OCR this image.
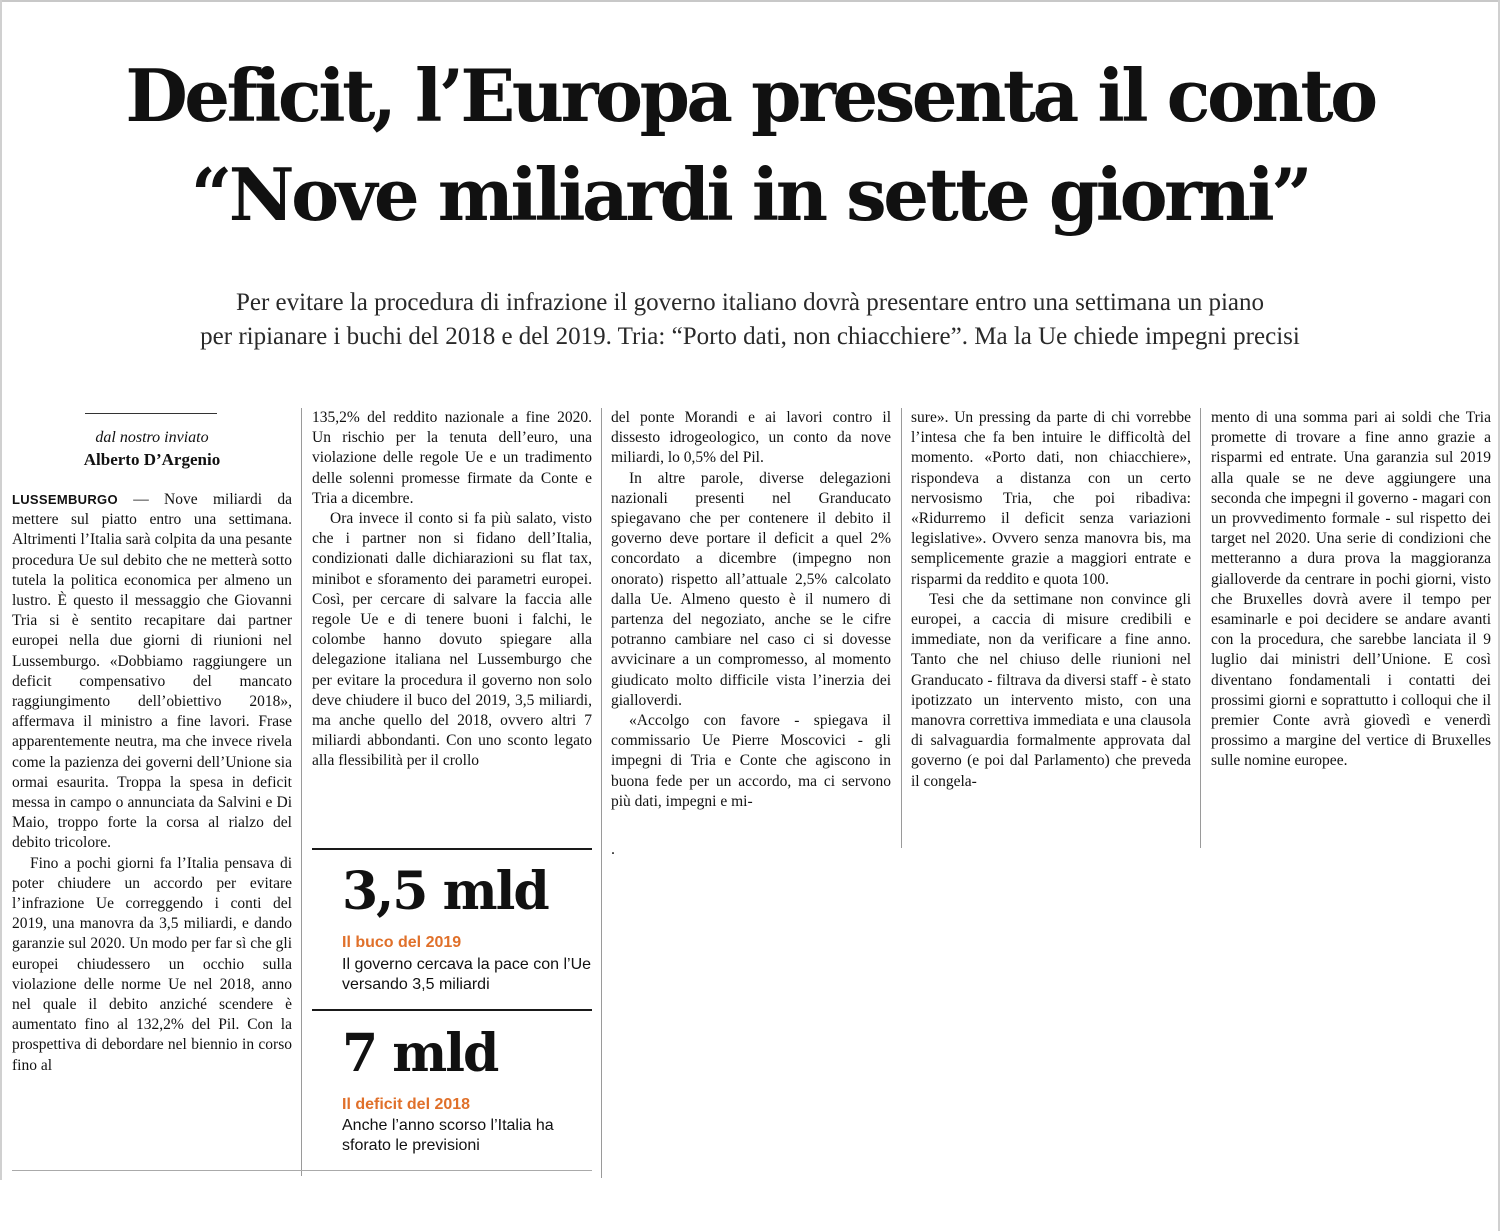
Deficit, l’Europa presenta il conto
“Nove miliardi in sette giorni”
Per evitare la procedura di infrazione il governo italiano dovrà presentare entro una settimana un piano
per ripianare i buchi del 2018 e del 2019. Tria: “Porto dati, non chiacchiere”. Ma la Ue chiede impegni precisi
dal nostro inviato
Alberto D’Argenio

LUSSEMBURGO — Nove miliardi da mettere sul piatto entro una settimana. Altrimenti l’Italia sarà colpita da una pesante procedura Ue sul debito che ne metterà sotto tutela la politica economica per almeno un lustro. È questo il messaggio che Giovanni Tria si è sentito recapitare dai partner europei nella due giorni di riunioni nel Lussemburgo. «Dobbiamo raggiungere un deficit compensativo del mancato raggiungimento dell’obiettivo 2018», affermava il ministro a fine lavori. Frase apparentemente neutra, ma che invece rivela come la pazienza dei governi dell’Unione sia ormai esaurita. Troppa la spesa in deficit messa in campo o annunciata da Salvini e Di Maio, troppo forte la corsa al rialzo del debito tricolore.

Fino a pochi giorni fa l’Italia pensava di poter chiudere un accordo per evitare l’infrazione Ue correggendo i conti del 2019, una manovra da 3,5 miliardi, e dando garanzie sul 2020. Un modo per far sì che gli europei chiudessero un occhio sulla violazione delle norme Ue nel 2018, anno nel quale il debito anziché scendere è aumentato fino al 132,2% del Pil. Con la prospettiva di debordare nel biennio in corso fino al

135,2% del reddito nazionale a fine 2020. Un rischio per la tenuta dell’euro, una violazione delle regole Ue e un tradimento delle solenni promesse firmate da Conte e Tria a dicembre.

Ora invece il conto si fa più salato, visto che i partner non si fidano dell’Italia, condizionati dalle dichiarazioni su flat tax, minibot e sforamento dei parametri europei. Così, per cercare di salvare la faccia alle regole Ue e di tenere buoni i falchi, le colombe hanno dovuto spiegare alla delegazione italiana nel Lussemburgo che per evitare la procedura il governo non solo deve chiudere il buco del 2019, 3,5 miliardi, ma anche quello del 2018, ovvero altri 7 miliardi abbondanti. Con uno sconto legato alla flessibilità per il crollo

del ponte Morandi e ai lavori contro il dissesto idrogeologico, un conto da nove miliardi, lo 0,5% del Pil.

In altre parole, diverse delegazioni nazionali presenti nel Granducato spiegavano che per contenere il debito il governo deve portare il deficit a quel 2% concordato a dicembre (impegno non onorato) rispetto all’attuale 2,5% calcolato dalla Ue. Almeno questo è il numero di partenza del negoziato, anche se le cifre potranno cambiare nel caso ci si dovesse avvicinare a un compromesso, al momento giudicato molto difficile vista l’inerzia dei gialloverdi.

«Accolgo con favore - spiegava il commissario Ue Pierre Moscovici - gli impegni di Tria e Conte che agiscono in buona fede per un accordo, ma ci servono più dati, impegni e mi-

.

sure». Un pressing da parte di chi vorrebbe l’intesa che fa ben intuire le difficoltà del momento. «Porto dati, non chiacchiere», rispondeva a distanza con un certo nervosismo Tria, che poi ribadiva: «Ridurremo il deficit senza variazioni legislative». Ovvero senza manovra bis, ma semplicemente grazie a maggiori entrate e risparmi da reddito e quota 100.

Tesi che da settimane non convince gli europei, a caccia di misure credibili e immediate, non da verificare a fine anno. Tanto che nel chiuso delle riunioni nel Granducato - filtrava da diversi staff - è stato ipotizzato un intervento misto, con una manovra correttiva immediata e una clausola di salvaguardia formalmente approvata dal governo (e poi dal Parlamento) che preveda il congela-

mento di una somma pari ai soldi che Tria promette di trovare a fine anno grazie a risparmi ed entrate. Una garanzia sul 2019 alla quale se ne deve aggiungere una seconda che impegni il governo - magari con un provvedimento formale - sul rispetto dei target nel 2020. Una serie di condizioni che metteranno a dura prova la maggioranza gialloverde da centrare in pochi giorni, visto che Bruxelles dovrà avere il tempo per esaminarle e poi decidere se andare avanti con la procedura, che sarebbe lanciata il 9 luglio dai ministri dell’Unione. E così diventano fondamentali i contatti dei prossimi giorni e soprattutto i colloqui che il premier Conte avrà giovedì e venerdì prossimo a margine del vertice di Bruxelles sulle nomine europee.

3,5 mld
Il buco del 2019
Il governo cercava la pace con l’Ue versando 3,5 miliardi
7 mld
Il deficit del 2018
Anche l’anno scorso l’Italia ha sforato le previsioni
